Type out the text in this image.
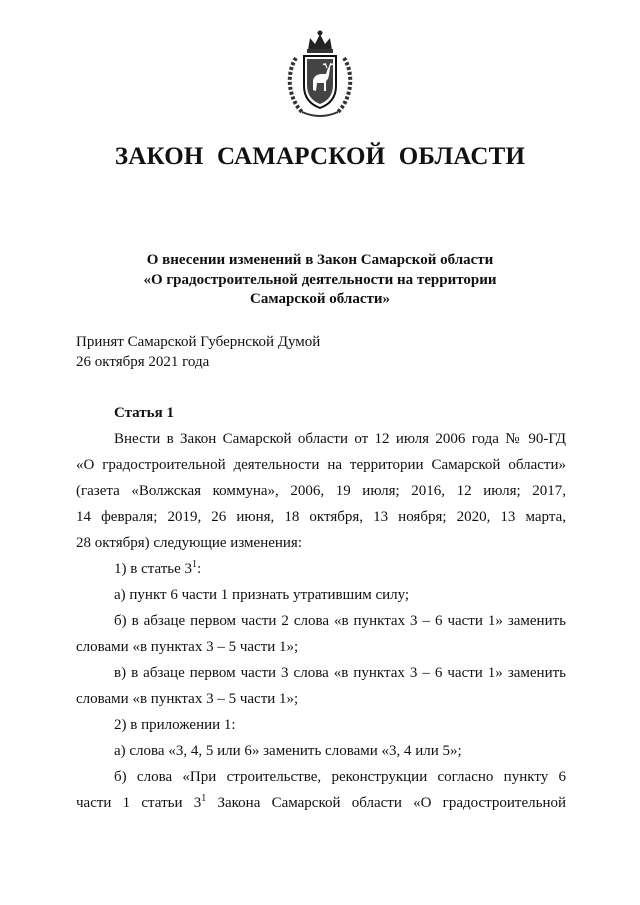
ЗАКОН САМАРСКОЙ ОБЛАСТИ
О внесении изменений в Закон Самарской области
«О градостроительной деятельности на территории
Самарской области»
Принят Самарской Губернской Думой
26 октября 2021 года
Статья 1
Внести в Закон Самарской области от 12 июля 2006 года № 90-ГД
«О градостроительной деятельности на территории Самарской области»
(газета «Волжская коммуна», 2006, 19 июля; 2016, 12 июля; 2017,
14 февраля; 2019, 26 июня, 18 октября, 13 ноября; 2020, 13 марта,
28 октября) следующие изменения:
1) в статье $3^1$:
а) пункт 6 части 1 признать утратившим силу;
б) в абзаце первом части 2 слова «в пунктах 3 – 6 части 1» заменить
словами «в пунктах 3 – 5 части 1»;
в) в абзаце первом части 3 слова «в пунктах 3 – 6 части 1» заменить
словами «в пунктах 3 – 5 части 1»;
2) в приложении 1:
а) слова «3, 4, 5 или 6» заменить словами «3, 4 или 5»;
б) слова «При строительстве, реконструкции согласно пункту 6
части 1 статьи $3^1$ Закона Самарской области «О градостроительной
